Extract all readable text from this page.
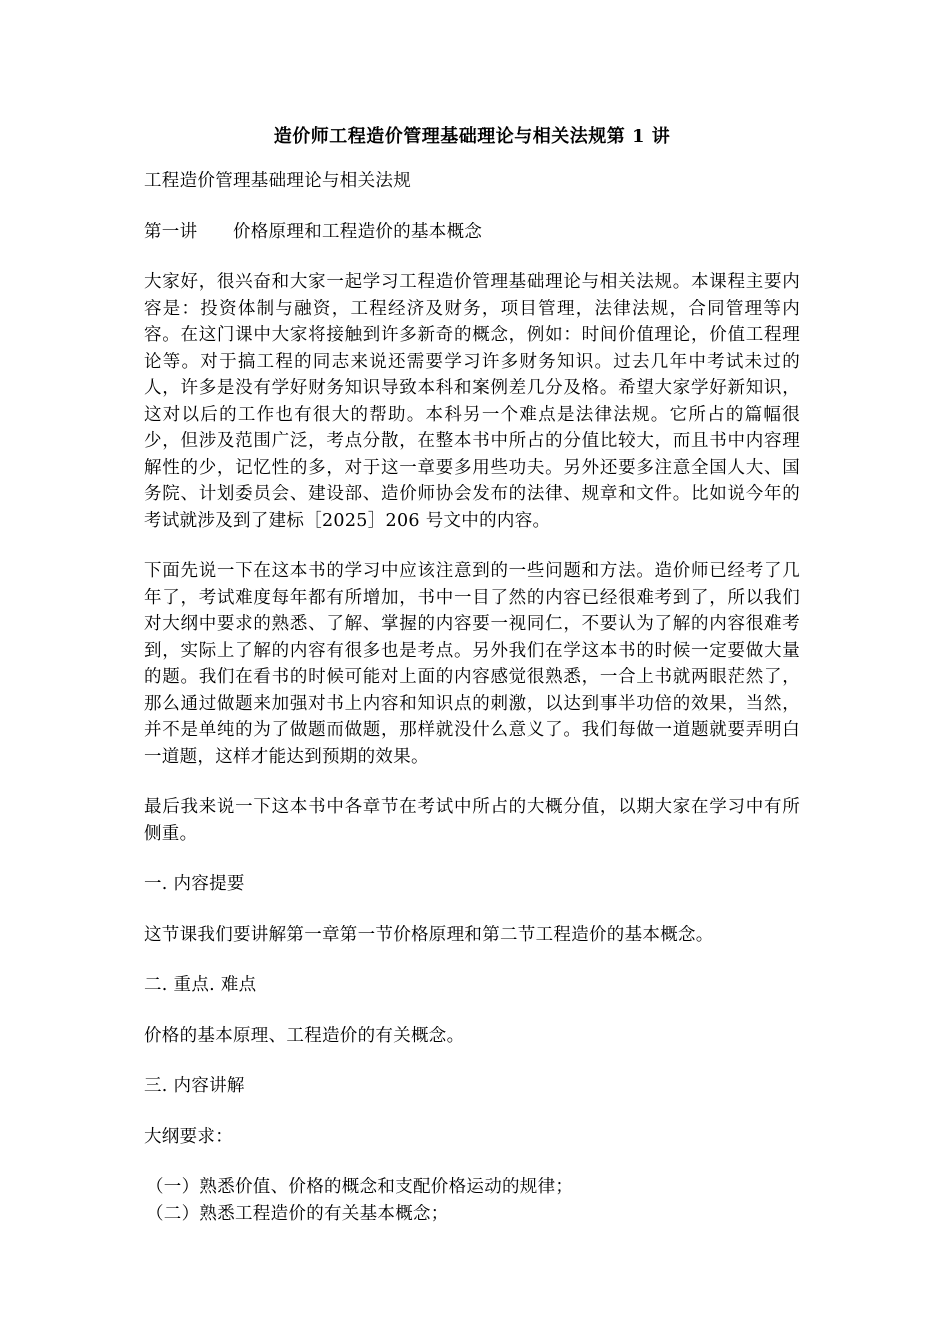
造价师工程造价管理基础理论与相关法规第 1 讲

工程造价管理基础理论与相关法规

第一讲　　价格原理和工程造价的基本概念

大家好，很兴奋和大家一起学习工程造价管理基础理论与相关法规。本课程主要内容是：投资体制与融资，工程经济及财务，项目管理，法律法规，合同管理等内容。在这门课中大家将接触到许多新奇的概念，例如：时间价值理论，价值工程理论等。对于搞工程的同志来说还需要学习许多财务知识。过去几年中考试未过的人，许多是没有学好财务知识导致本科和案例差几分及格。希望大家学好新知识，这对以后的工作也有很大的帮助。本科另一个难点是法律法规。它所占的篇幅很少，但涉及范围广泛，考点分散，在整本书中所占的分值比较大，而且书中内容理解性的少，记忆性的多，对于这一章要多用些功夫。另外还要多注意全国人大、国务院、计划委员会、建设部、造价师协会发布的法律、规章和文件。比如说今年的考试就涉及到了建标［2025］206 号文中的内容。

下面先说一下在这本书的学习中应该注意到的一些问题和方法。造价师已经考了几年了，考试难度每年都有所增加，书中一目了然的内容已经很难考到了，所以我们对大纲中要求的熟悉、了解、掌握的内容要一视同仁，不要认为了解的内容很难考到，实际上了解的内容有很多也是考点。另外我们在学这本书的时候一定要做大量的题。我们在看书的时候可能对上面的内容感觉很熟悉，一合上书就两眼茫然了，那么通过做题来加强对书上内容和知识点的刺激，以达到事半功倍的效果，当然，并不是单纯的为了做题而做题，那样就没什么意义了。我们每做一道题就要弄明白一道题，这样才能达到预期的效果。

最后我来说一下这本书中各章节在考试中所占的大概分值，以期大家在学习中有所侧重。

一. 内容提要

这节课我们要讲解第一章第一节价格原理和第二节工程造价的基本概念。

二. 重点. 难点

价格的基本原理、工程造价的有关概念。

三. 内容讲解

大纲要求：

（一）熟悉价值、价格的概念和支配价格运动的规律；
（二）熟悉工程造价的有关基本概念；
